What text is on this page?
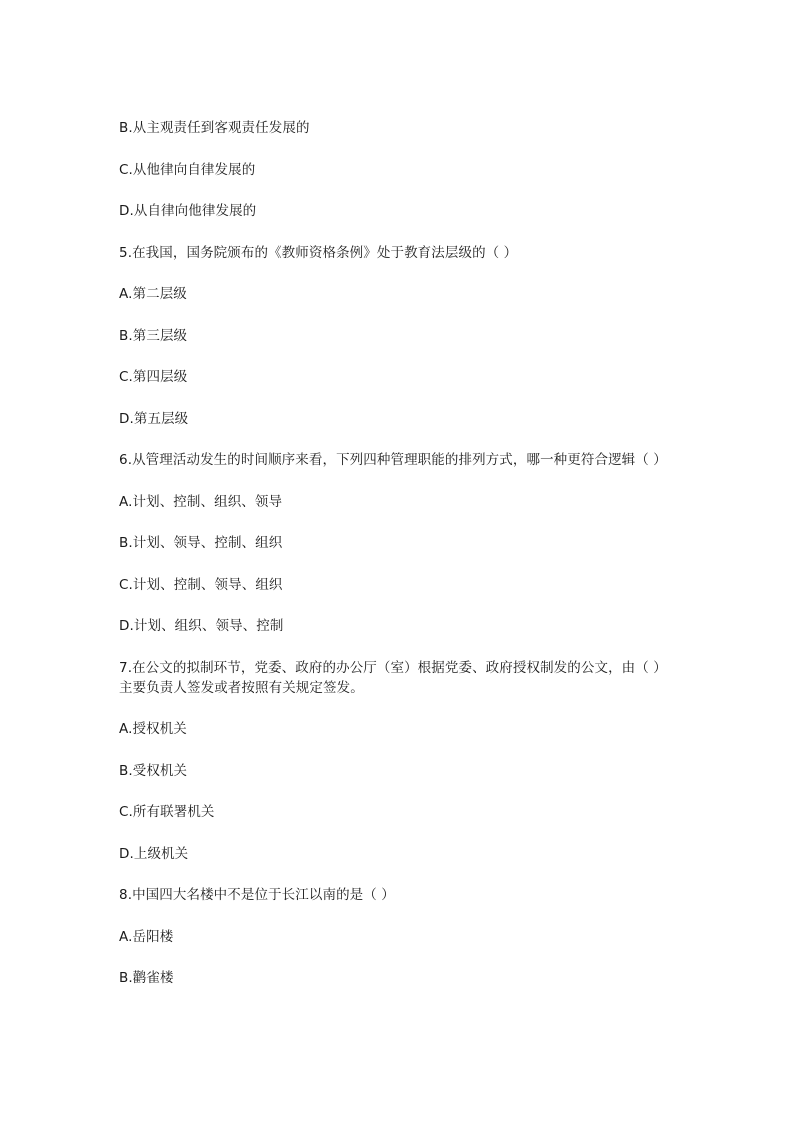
B.从主观责任到客观责任发展的

C.从他律向自律发展的

D.从自律向他律发展的

5.在我国，国务院颁布的《教师资格条例》处于教育法层级的（ ）

A.第二层级

B.第三层级

C.第四层级

D.第五层级

6.从管理活动发生的时间顺序来看，下列四种管理职能的排列方式，哪一种更符合逻辑（ ）

A.计划、控制、组织、领导

B.计划、领导、控制、组织

C.计划、控制、领导、组织

D.计划、组织、领导、控制

7.在公文的拟制环节，党委、政府的办公厅（室）根据党委、政府授权制发的公文，由（ ）主要负责人签发或者按照有关规定签发。

A.授权机关

B.受权机关

C.所有联署机关

D.上级机关

8.中国四大名楼中不是位于长江以南的是（ ）

A.岳阳楼

B.鹳雀楼
